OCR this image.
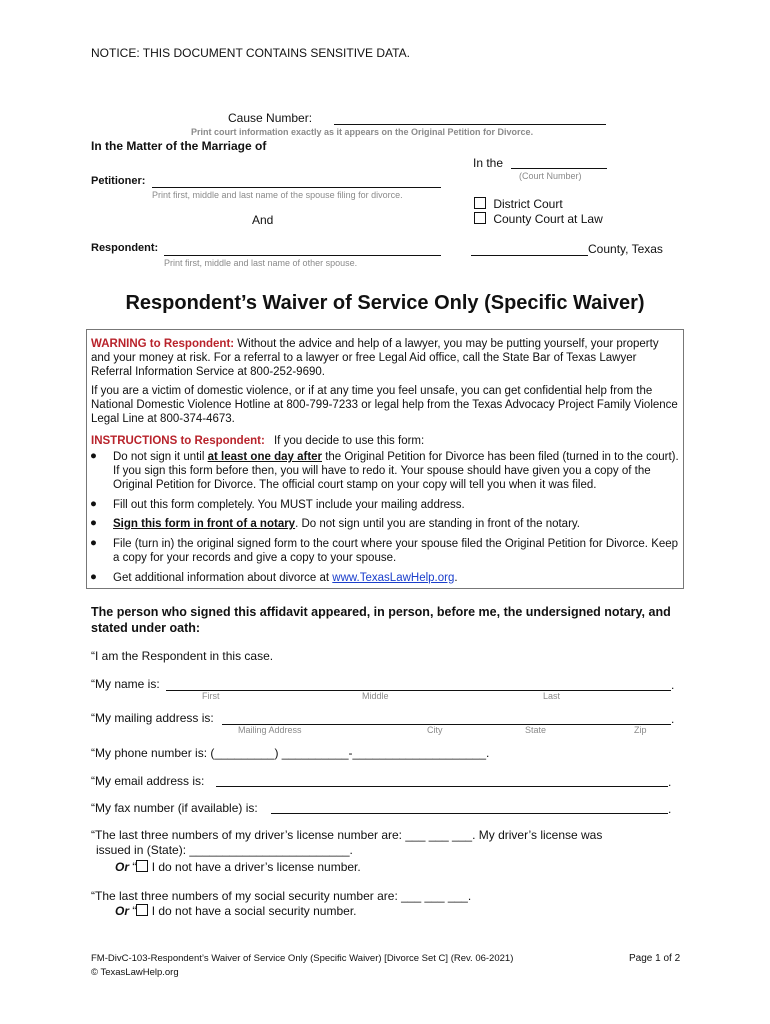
NOTICE: THIS DOCUMENT CONTAINS SENSITIVE DATA.
Cause Number:
Print court information exactly as it appears on the Original Petition for Divorce.
In the Matter of the Marriage of
In the
(Court Number)
District Court
County Court at Law
Petitioner:
Print first, middle and last name of the spouse filing for divorce.
And
Respondent:
Print first, middle and last name of other spouse.
County, Texas
Respondent’s Waiver of Service Only (Specific Waiver)
WARNING to Respondent: Without the advice and help of a lawyer, you may be putting yourself, your property and your money at risk. For a referral to a lawyer or free Legal Aid office, call the State Bar of Texas Lawyer Referral Information Service at 800-252-9690.
If you are a victim of domestic violence, or if at any time you feel unsafe, you can get confidential help from the National Domestic Violence Hotline at 800-799-7233 or legal help from the Texas Advocacy Project Family Violence Legal Line at 800-374-4673.
INSTRUCTIONS to Respondent: If you decide to use this form:
● Do not sign it until at least one day after the Original Petition for Divorce has been filed (turned in to the court). If you sign this form before then, you will have to redo it. Your spouse should have given you a copy of the Original Petition for Divorce. The official court stamp on your copy will tell you when it was filed.
● Fill out this form completely. You MUST include your mailing address.
● Sign this form in front of a notary. Do not sign until you are standing in front of the notary.
● File (turn in) the original signed form to the court where your spouse filed the Original Petition for Divorce. Keep a copy for your records and give a copy to your spouse.
● Get additional information about divorce at www.TexasLawHelp.org.
The person who signed this affidavit appeared, in person, before me, the undersigned notary, and stated under oath:
“I am the Respondent in this case.
“My name is:	.
First	Middle	Last
“My mailing address is:	.
Mailing Address	City	State	Zip
“My phone number is: (_________) __________-____________________.
“My email address is:	.
“My fax number (if available) is:	.
“The last three numbers of my driver’s license number are: ___ ___ ___. My driver’s license was
issued in (State): ________________________.
Or “ I do not have a driver’s license number.
“The last three numbers of my social security number are: ___ ___ ___.
Or “ I do not have a social security number.
FM-DivC-103-Respondent’s Waiver of Service Only (Specific Waiver) [Divorce Set C] (Rev. 06-2021)
© TexasLawHelp.org
Page 1 of 2
